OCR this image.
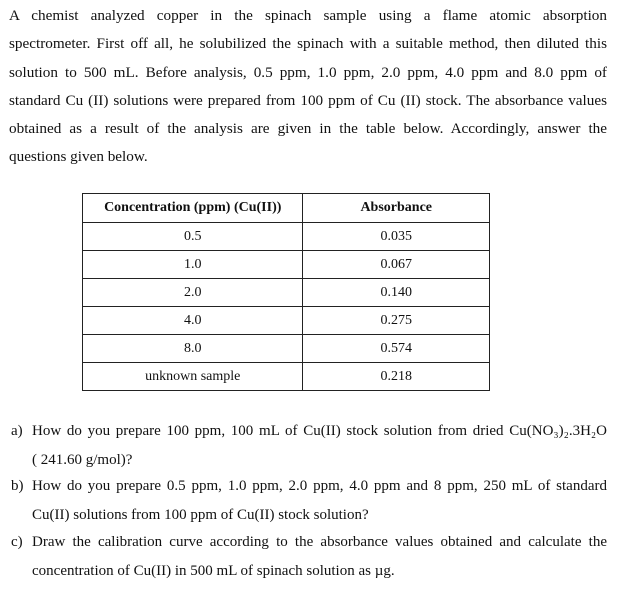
A chemist analyzed copper in the spinach sample using a flame atomic absorption
spectrometer. First off all, he solubilized the spinach with a suitable method, then diluted this
solution to 500 mL. Before analysis, 0.5 ppm, 1.0 ppm, 2.0 ppm, 4.0 ppm and 8.0 ppm of
standard Cu (II) solutions were prepared from 100 ppm of Cu (II) stock. The absorbance values
obtained as a result of the analysis are given in the table below. Accordingly, answer the
questions given below.
Concentration (ppm) (Cu(II))	Absorbance
0.5	0.035
1.0	0.067
2.0	0.140
4.0	0.275
8.0	0.574
unknown sample	0.218
a) How do you prepare 100 ppm, 100 mL of Cu(II) stock solution from dried Cu(NO₃)₂.3H₂O
( 241.60 g/mol)?
b) How do you prepare 0.5 ppm, 1.0 ppm, 2.0 ppm, 4.0 ppm and 8 ppm, 250 mL of standard
Cu(II) solutions from 100 ppm of Cu(II) stock solution?
c) Draw the calibration curve according to the absorbance values obtained and calculate the
concentration of Cu(II) in 500 mL of spinach solution as µg.
